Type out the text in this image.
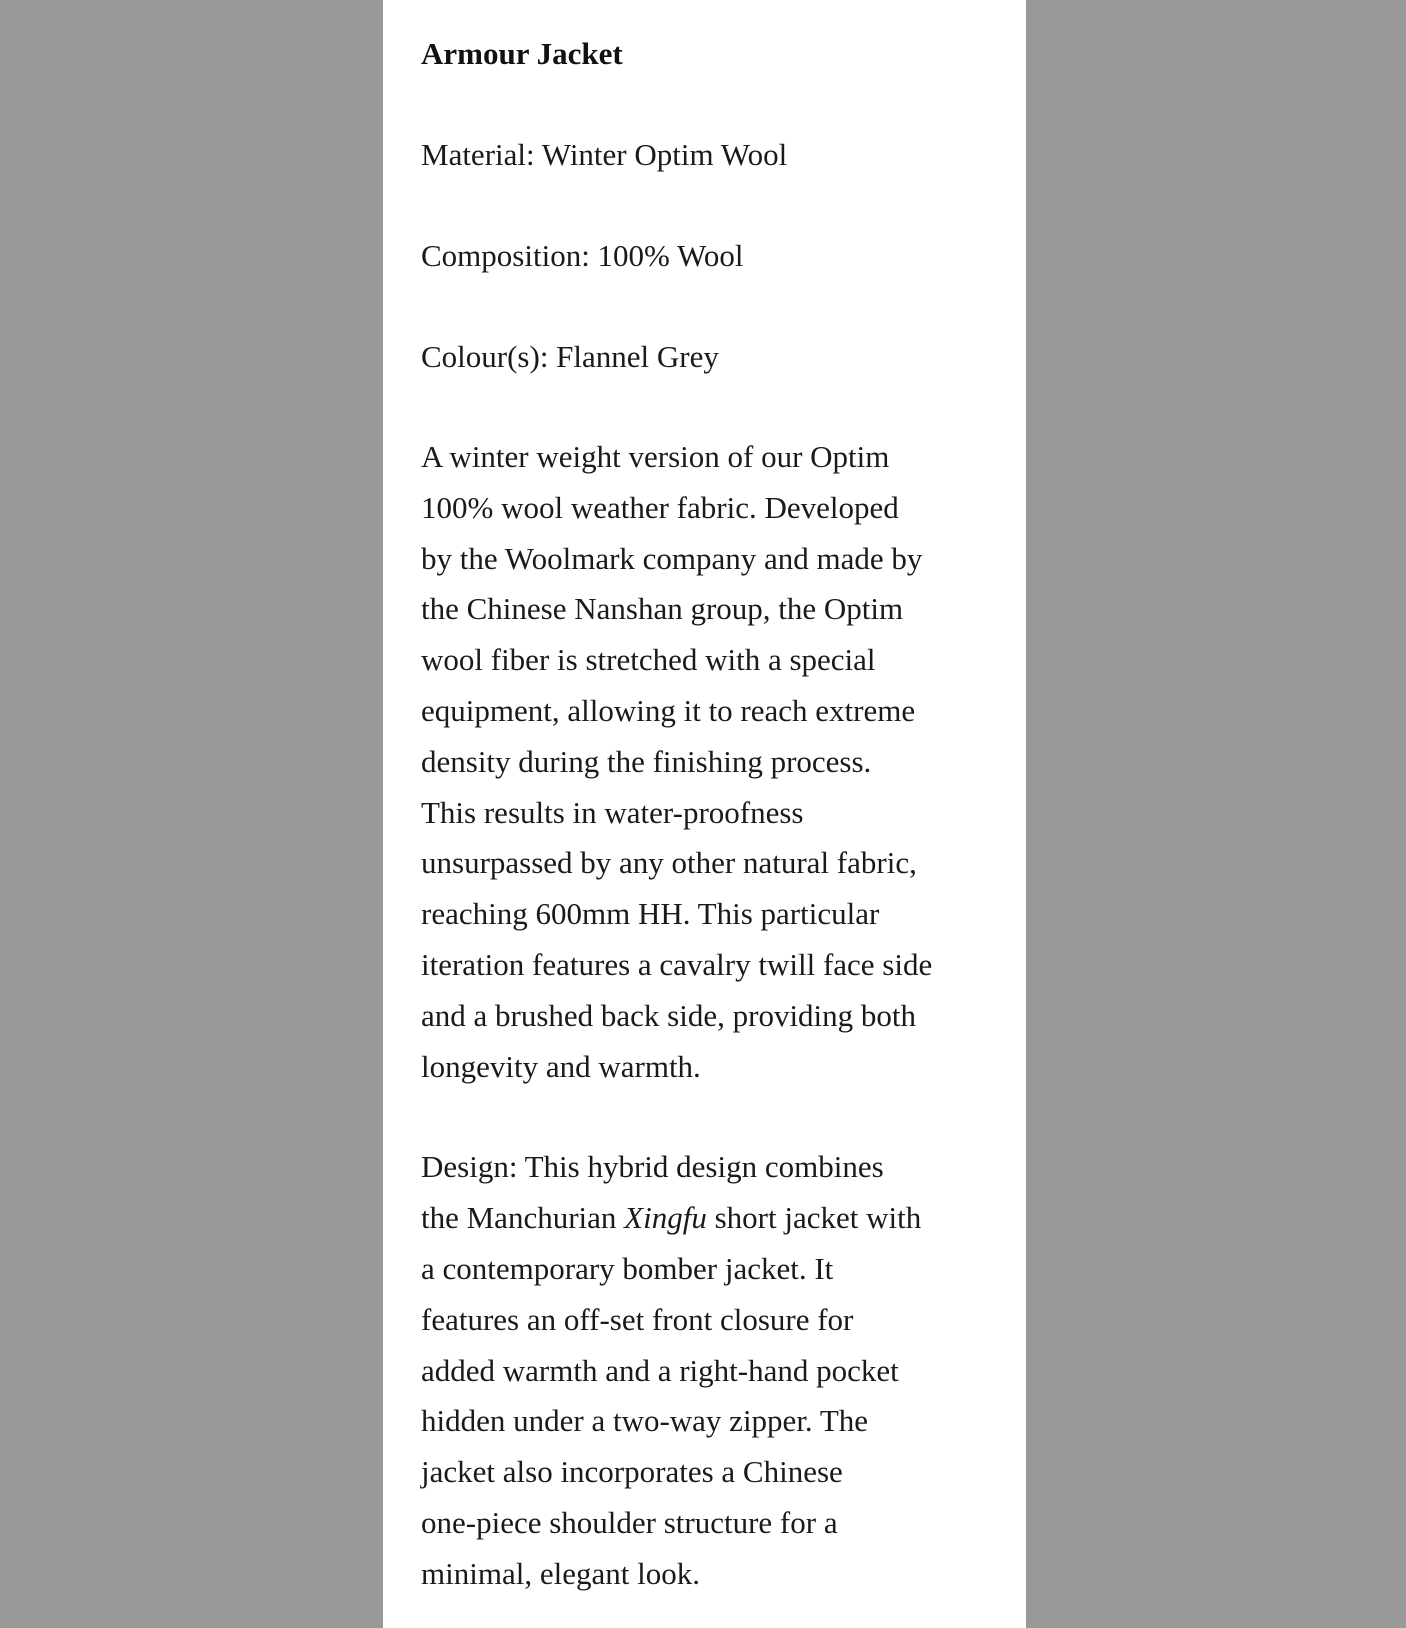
Armour Jacket
Material: Winter Optim Wool
Composition: 100% Wool
Colour(s): Flannel Grey
A winter weight version of our Optim
100% wool weather fabric. Developed
by the Woolmark company and made by
the Chinese Nanshan group, the Optim
wool fiber is stretched with a special
equipment, allowing it to reach extreme
density during the finishing process.
This results in water-proofness
unsurpassed by any other natural fabric,
reaching 600mm HH. This particular
iteration features a cavalry twill face side
and a brushed back side, providing both
longevity and warmth.
Design: This hybrid design combines
the Manchurian Xingfu short jacket with
a contemporary bomber jacket. It
features an off-set front closure for
added warmth and a right-hand pocket
hidden under a two-way zipper. The
jacket also incorporates a Chinese
one-piece shoulder structure for a
minimal, elegant look.
